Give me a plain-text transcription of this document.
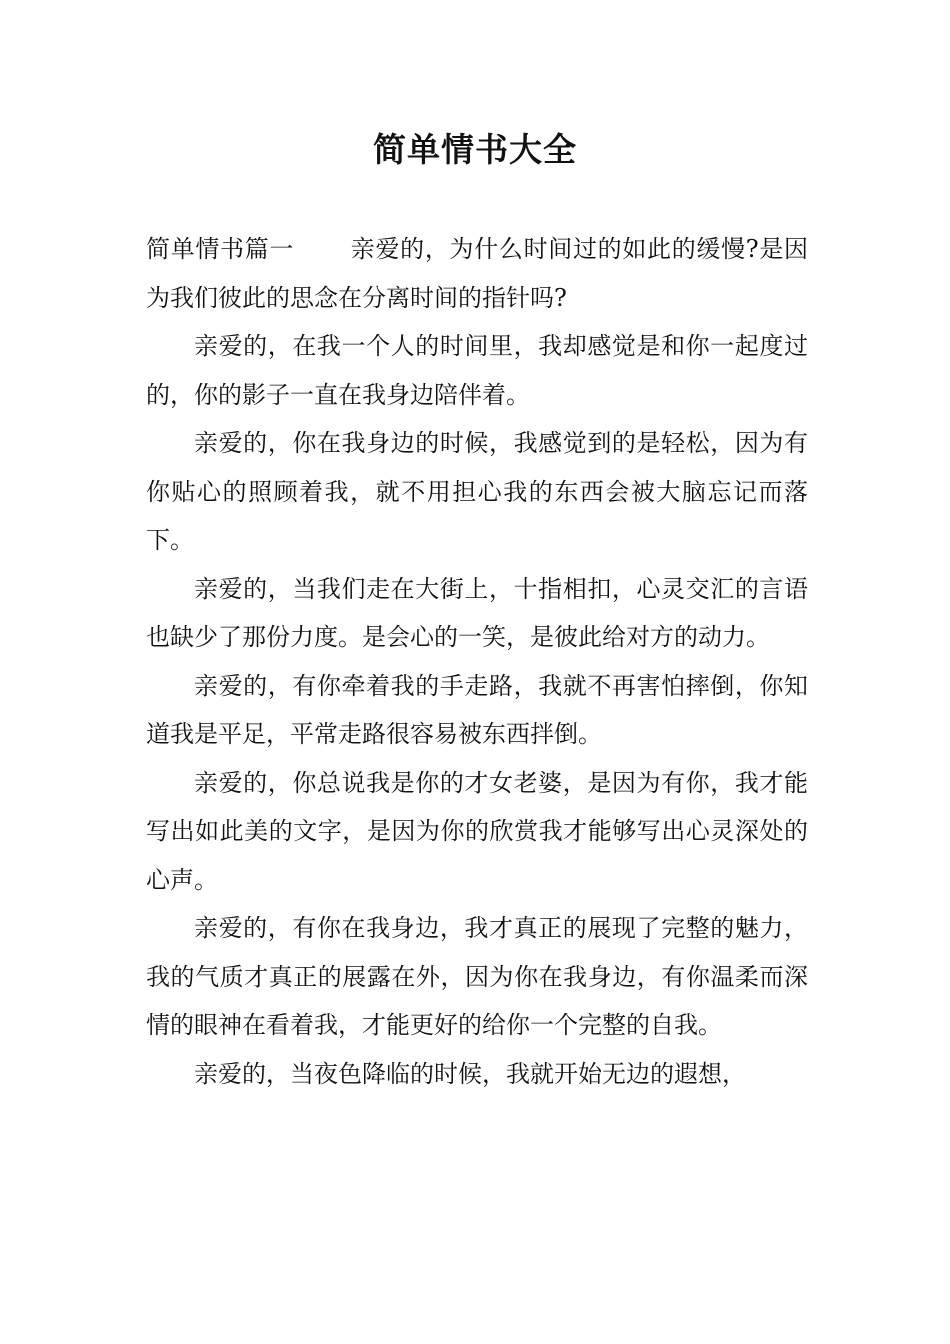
简单情书大全

简单情书篇一 亲爱的，为什么时间过的如此的缓慢?是因为我们彼此的思念在分离时间的指针吗?

亲爱的，在我一个人的时间里，我却感觉是和你一起度过的，你的影子一直在我身边陪伴着。

亲爱的，你在我身边的时候，我感觉到的是轻松，因为有你贴心的照顾着我，就不用担心我的东西会被大脑忘记而落下。

亲爱的，当我们走在大街上，十指相扣，心灵交汇的言语也缺少了那份力度。是会心的一笑，是彼此给对方的动力。

亲爱的，有你牵着我的手走路，我就不再害怕摔倒，你知道我是平足，平常走路很容易被东西拌倒。

亲爱的，你总说我是你的才女老婆，是因为有你，我才能写出如此美的文字，是因为你的欣赏我才能够写出心灵深处的心声。

亲爱的，有你在我身边，我才真正的展现了完整的魅力，我的气质才真正的展露在外，因为你在我身边，有你温柔而深情的眼神在看着我，才能更好的给你一个完整的自我。

亲爱的，当夜色降临的时候，我就开始无边的遐想，
